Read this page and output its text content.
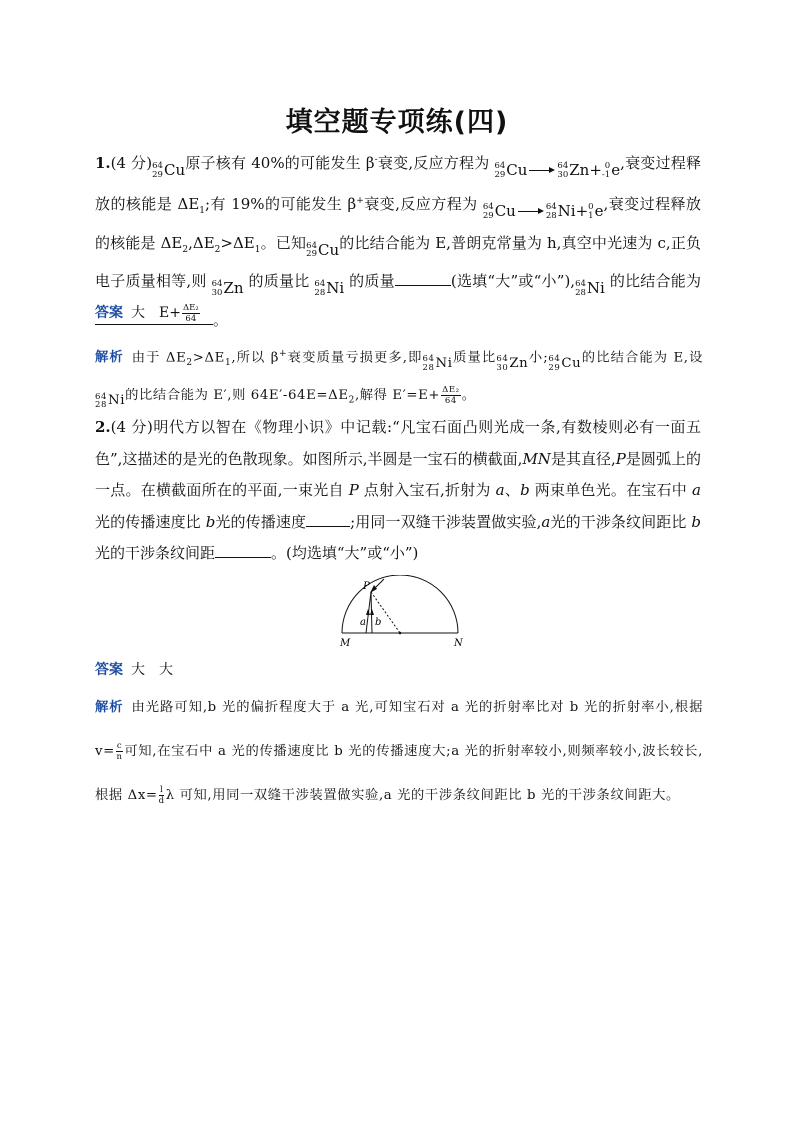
填空题专项练(四)
1.(4 分) 64
29 Cu 原子核有 40%的可能发生 β-衰变,反应方程为 64
29 Cu	64
30 Zn + 0
-1 e ,衰变过程释放的核能是 $\Delta E_1$;有 19%的可能发生 β+衰变,反应方程为 64
29 Cu	64
28 Ni + 0
1 e ,衰变过程释放的核能是 $\Delta E_2,\Delta E_2>\Delta E_1$。已知 64
29 Cu 的比结合能为 E,普朗克常量为 h,真空中光速为 c,正负电子质量相等,则 64
30 Zn 的质量比 64
28 Ni 的质量	(选填“大”或“小”), 64
28 Ni 的比结合能为。
答案 大　$E+ \frac{\text{ΔE₂}}{64}$
解析 由于 $\Delta E_2>\Delta E_1$,所以 β+衰变质量亏损更多,即 64
28 Ni 质量比 64
30 Zn 小; 64
29 Cu 的比结合能为 E,设
64
28 Ni 的比结合能为 E′,则 $64E'-64E=\Delta E_2$,解得 $E'=E+ \frac{\text{ΔE₂}}{64}$ 。
2.(4 分)明代方以智在《物理小识》中记载:“凡宝石面凸则光成一条,有数棱则必有一面五色”,这描述的是光的色散现象。如图所示,半圆是一宝石的横截面,MN是其直径,P是圆弧上的一点。在横截面所在的平面,一束光自 P 点射入宝石,折射为 a、b 两束单色光。在宝石中 a光的传播速度比 b光的传播速度	;用同一双缝干涉装置做实验,a光的干涉条纹间距比 b光的干涉条纹间距	。(均选填“大”或“小”)
P
a b
M	N
答案 大　大
解析 由光路可知,b 光的偏折程度大于 a 光,可知宝石对 a 光的折射率比对 b 光的折射率小,根据 $v= \frac{c}{n}$ 可知,在宝石中 a 光的传播速度比 b 光的传播速度大;a 光的折射率较小,则频率较小,波长较长,根据 $\Delta x= \frac{l}{d}$ λ 可知,用同一双缝干涉装置做实验,a 光的干涉条纹间距比 b 光的干涉条纹间距大。
